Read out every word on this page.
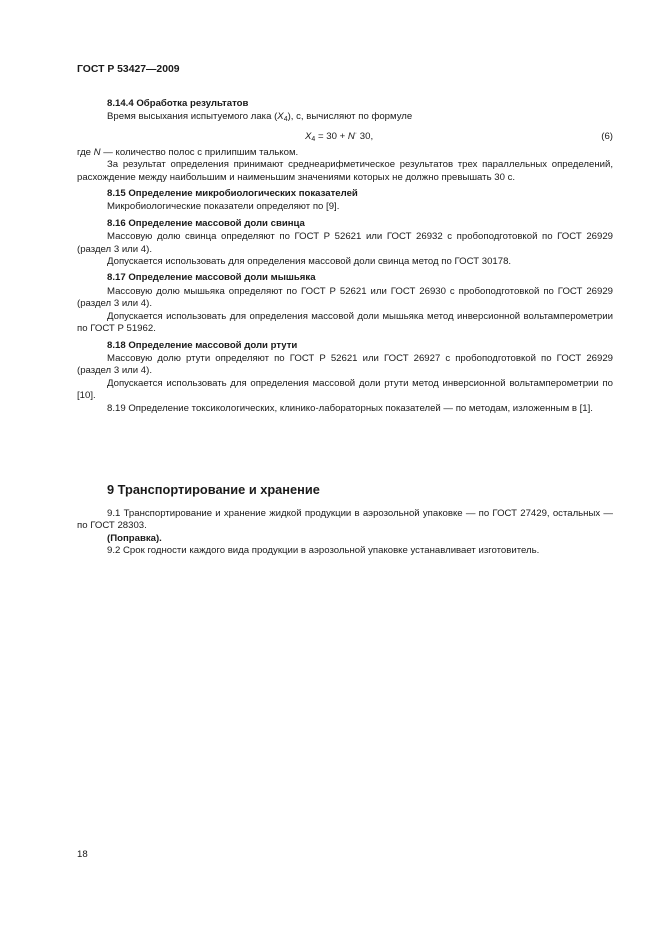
ГОСТ Р 53427—2009
8.14.4 Обработка результатов

Время высыхания испытуемого лака $(X_4)$, с, вычисляют по формуле

$X_4 = 30 + N^\cdot$ 30,	(6)

где N — количество полос с прилипшим тальком.

За результат определения принимают среднеарифметическое результатов трех параллельных определений, расхождение между наибольшим и наименьшим значениями которых не должно превышать 30 с.

8.15 Определение микробиологических показателей

Микробиологические показатели определяют по [9].

8.16 Определение массовой доли свинца

Массовую долю свинца определяют по ГОСТ Р 52621 или ГОСТ 26932 с пробоподготовкой по ГОСТ 26929 (раздел 3 или 4).

Допускается использовать для определения массовой доли свинца метод по ГОСТ 30178.

8.17 Определение массовой доли мышьяка

Массовую долю мышьяка определяют по ГОСТ Р 52621 или ГОСТ 26930 с пробоподготовкой по ГОСТ 26929 (раздел 3 или 4).

Допускается использовать для определения массовой доли мышьяка метод инверсионной вольтамперометрии по ГОСТ Р 51962.

8.18 Определение массовой доли ртути

Массовую долю ртути определяют по ГОСТ Р 52621 или ГОСТ 26927 с пробоподготовкой по ГОСТ 26929 (раздел 3 или 4).

Допускается использовать для определения массовой доли ртути метод инверсионной вольтамперометрии по [10].

8.19 Определение токсикологических, клинико-лабораторных показателей — по методам, изложенным в [1].

9 Транспортирование и хранение

9.1 Транспортирование и хранение жидкой продукции в аэрозольной упаковке — по ГОСТ 27429, остальных — по ГОСТ 28303.

(Поправка).

9.2 Срок годности каждого вида продукции в аэрозольной упаковке устанавливает изготовитель.

18
